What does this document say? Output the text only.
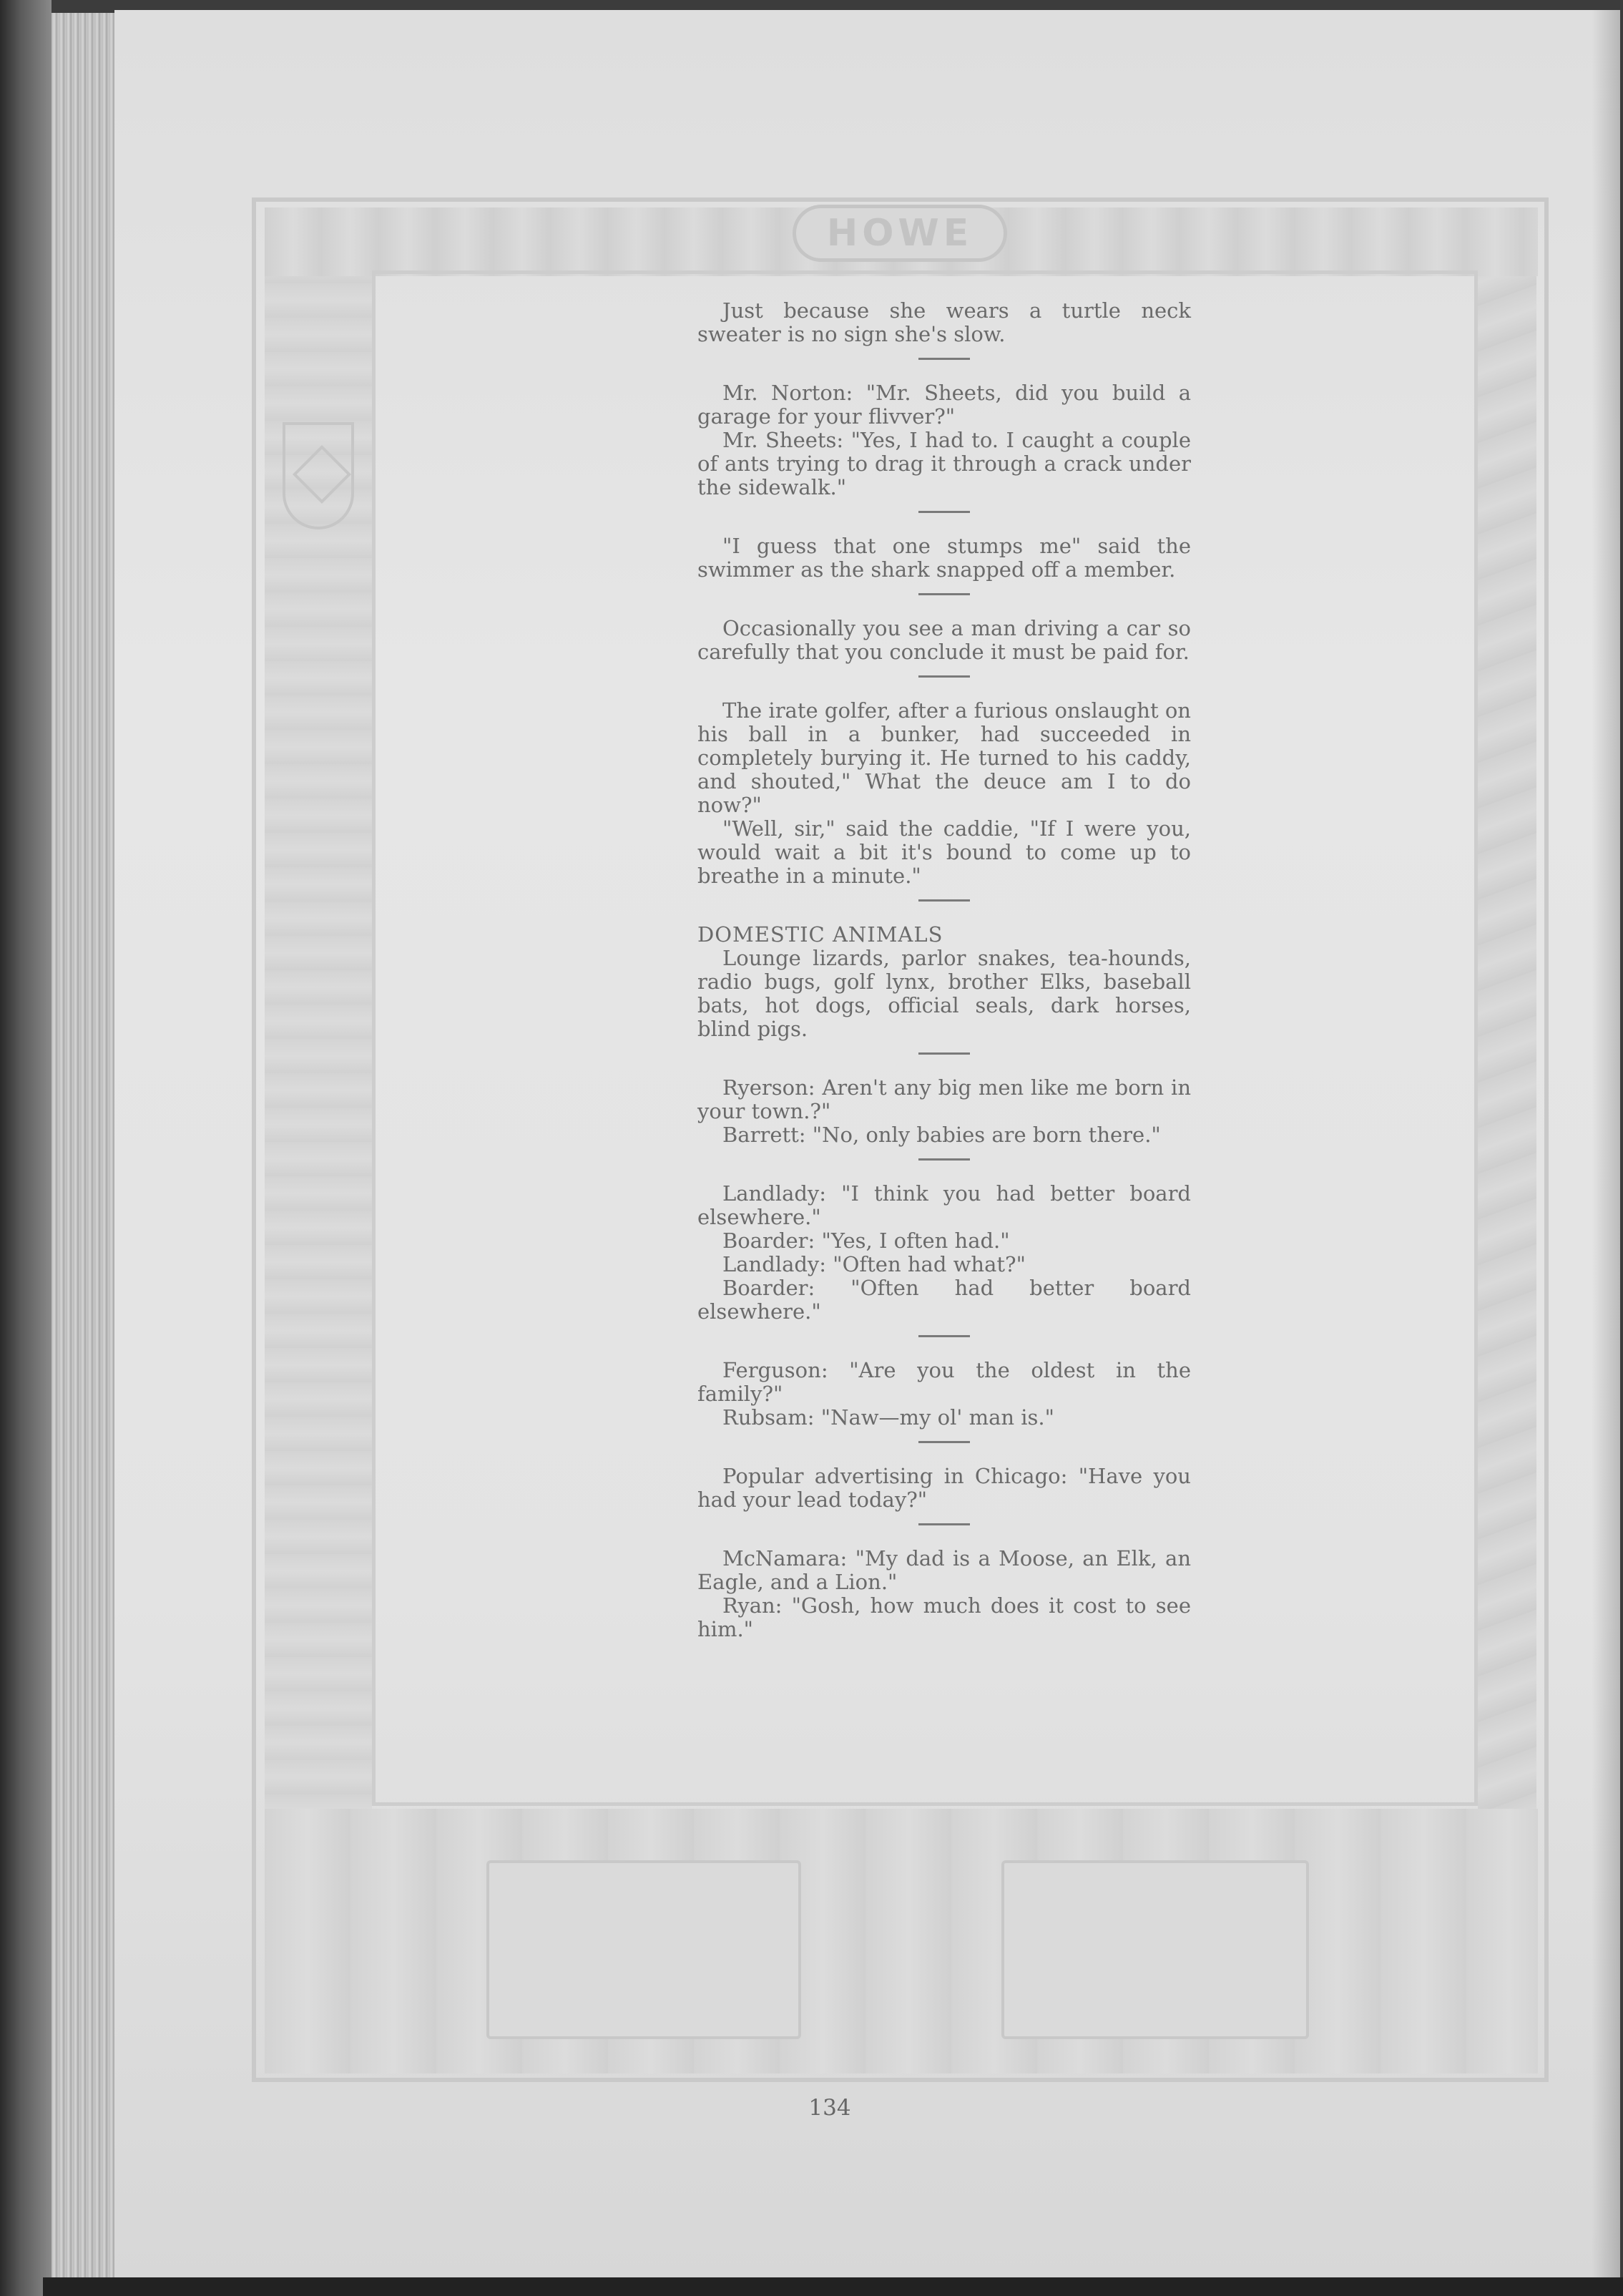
HOWE

Just because she wears a turtle neck sweater is no sign she's slow.

Mr. Norton: "Mr. Sheets, did you build a garage for your flivver?"

Mr. Sheets: "Yes, I had to. I caught a couple of ants trying to drag it through a crack under the sidewalk."

"I guess that one stumps me" said the swimmer as the shark snapped off a member.

Occasionally you see a man driving a car so carefully that you conclude it must be paid for.

The irate golfer, after a furious onslaught on his ball in a bunker, had succeeded in completely burying it. He turned to his caddy, and shouted," What the deuce am I to do now?"

"Well, sir," said the caddie, "If I were you, would wait a bit it's bound to come up to breathe in a minute."

DOMESTIC ANIMALS

Lounge lizards, parlor snakes, tea-hounds, radio bugs, golf lynx, brother Elks, baseball bats, hot dogs, official seals, dark horses, blind pigs.

Ryerson: Aren't any big men like me born in your town.?"

Barrett: "No, only babies are born there."

Landlady: "I think you had better board elsewhere."

Boarder: "Yes, I often had."

Landlady: "Often had what?"

Boarder: "Often had better board elsewhere."

Ferguson: "Are you the oldest in the family?"

Rubsam: "Naw—my ol' man is."

Popular advertising in Chicago: "Have you had your lead today?"

McNamara: "My dad is a Moose, an Elk, an Eagle, and a Lion."

Ryan: "Gosh, how much does it cost to see him."

134
